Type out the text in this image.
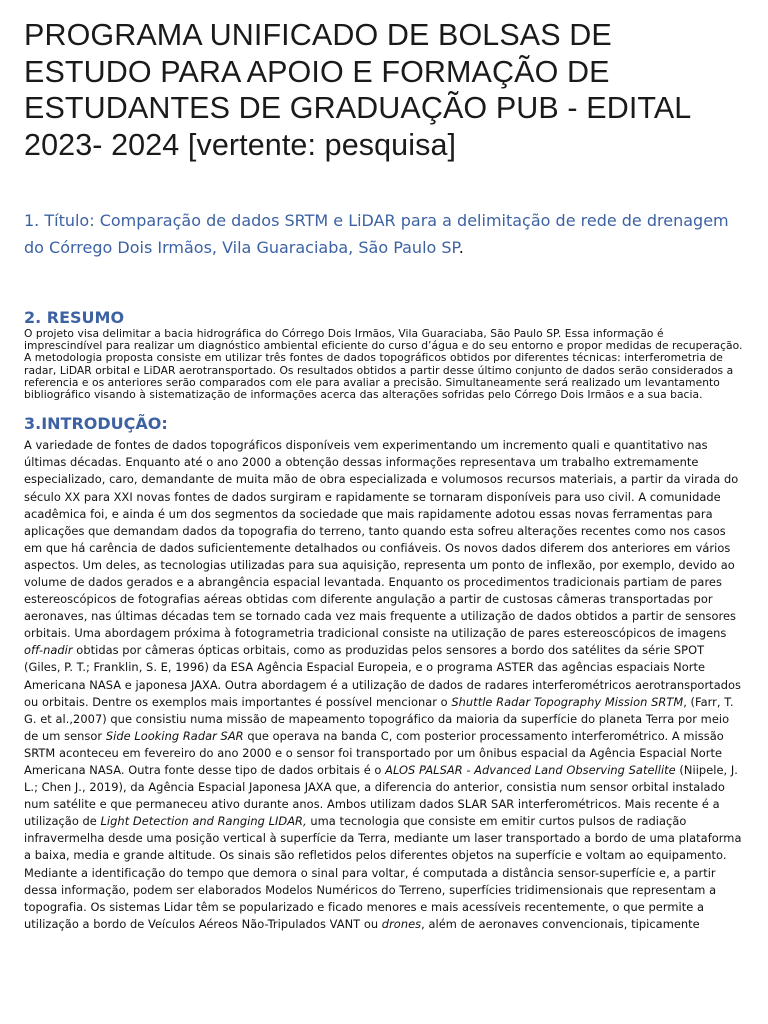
PROGRAMA UNIFICADO DE BOLSAS DE ESTUDO PARA APOIO E FORMAÇÃO DE ESTUDANTES DE GRADUAÇÃO PUB - EDITAL 2023- 2024 [vertente: pesquisa]
1. Título: Comparação de dados SRTM e LiDAR para a delimitação de rede de drenagem do Córrego Dois Irmãos, Vila Guaraciaba, São Paulo SP.
2. RESUMO

O projeto visa delimitar a bacia hidrográfica do Córrego Dois Irmãos, Vila Guaraciaba, São Paulo SP. Essa informação é imprescindível para realizar um diagnóstico ambiental eficiente do curso d’água e do seu entorno e propor medidas de recuperação. A metodologia proposta consiste em utilizar três fontes de dados topográficos obtidos por diferentes técnicas: interferometria de radar, LiDAR orbital e LiDAR aerotransportado. Os resultados obtidos a partir desse último conjunto de dados serão considerados a referencia e os anteriores serão comparados com ele para avaliar a precisão. Simultaneamente será realizado um levantamento bibliográfico visando à sistematização de informações acerca das alterações sofridas pelo Córrego Dois Irmãos e a sua bacia.

3.INTRODUÇÃO:

A variedade de fontes de dados topográficos disponíveis vem experimentando um incremento quali e quantitativo nas últimas décadas. Enquanto até o ano 2000 a obtenção dessas informações representava um trabalho extremamente especializado, caro, demandante de muita mão de obra especializada e volumosos recursos materiais, a partir da virada do século XX para XXI novas fontes de dados surgiram e rapidamente se tornaram disponíveis para uso civil. A comunidade acadêmica foi, e ainda é um dos segmentos da sociedade que mais rapidamente adotou essas novas ferramentas para aplicações que demandam dados da topografia do terreno, tanto quando esta sofreu alterações recentes como nos casos em que há carência de dados suficientemente detalhados ou confiáveis. Os novos dados diferem dos anteriores em vários aspectos. Um deles, as tecnologias utilizadas para sua aquisição, representa um ponto de inflexão, por exemplo, devido ao volume de dados gerados e a abrangência espacial levantada. Enquanto os procedimentos tradicionais partiam de pares estereoscópicos de fotografias aéreas obtidas com diferente angulação a partir de custosas câmeras transportadas por aeronaves, nas últimas décadas tem se tornado cada vez mais frequente a utilização de dados obtidos a partir de sensores orbitais. Uma abordagem próxima à fotogrametria tradicional consiste na utilização de pares estereoscópicos de imagens off-nadir obtidas por câmeras ópticas orbitais, como as produzidas pelos sensores a bordo dos satélites da série SPOT (Giles, P. T.; Franklin, S. E, 1996) da ESA Agência Espacial Europeia, e o programa ASTER das agências espaciais Norte Americana NASA e japonesa JAXA. Outra abordagem é a utilização de dados de radares interferométricos aerotransportados ou orbitais. Dentre os exemplos mais importantes é possível mencionar o Shuttle Radar Topography Mission SRTM, (Farr, T. G. et al.,2007) que consistiu numa missão de mapeamento topográfico da maioria da superfície do planeta Terra por meio de um sensor Side Looking Radar SAR que operava na banda C, com posterior processamento interferométrico. A missão SRTM aconteceu em fevereiro do ano 2000 e o sensor foi transportado por um ônibus espacial da Agência Espacial Norte Americana NASA. Outra fonte desse tipo de dados orbitais é o ALOS PALSAR - Advanced Land Observing Satellite (Niipele, J. L.; Chen J., 2019), da Agência Espacial Japonesa JAXA que, a diferencia do anterior, consistia num sensor orbital instalado num satélite e que permaneceu ativo durante anos. Ambos utilizam dados SLAR SAR interferométricos. Mais recente é a utilização de Light Detection and Ranging LIDAR, uma tecnologia que consiste em emitir curtos pulsos de radiação infravermelha desde uma posição vertical à superfície da Terra, mediante um laser transportado a bordo de uma plataforma a baixa, media e grande altitude. Os sinais são refletidos pelos diferentes objetos na superfície e voltam ao equipamento. Mediante a identificação do tempo que demora o sinal para voltar, é computada a distância sensor-superfície e, a partir dessa informação, podem ser elaborados Modelos Numéricos do Terreno, superfícies tridimensionais que representam a topografia. Os sistemas Lidar têm se popularizado e ficado menores e mais acessíveis recentemente, o que permite a utilização a bordo de Veículos Aéreos Não-Tripulados VANT ou drones, além de aeronaves convencionais, tipicamente
